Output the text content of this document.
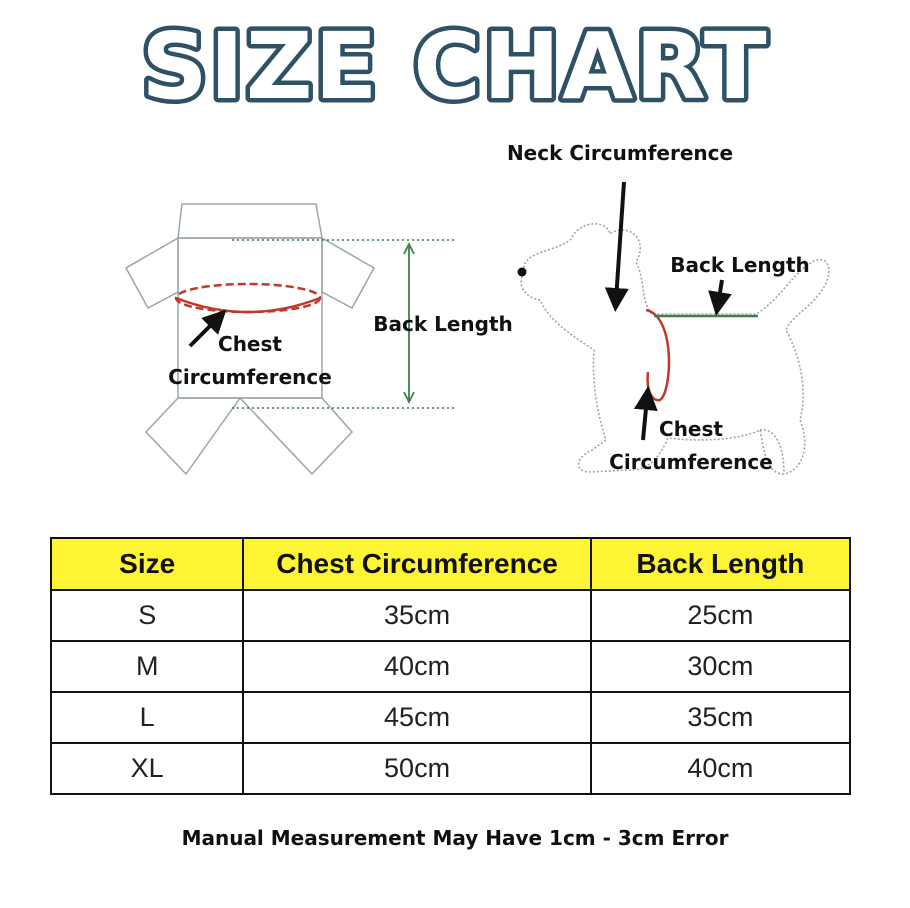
SIZE CHART
Chest
Circumference
Back Length
Neck Circumference
Back Length
Chest
Circumference
Size	Chest Circumference	Back Length
S	35cm	25cm
M	40cm	30cm
L	45cm	35cm
XL	50cm	40cm
Manual Measurement May Have 1cm - 3cm Error
